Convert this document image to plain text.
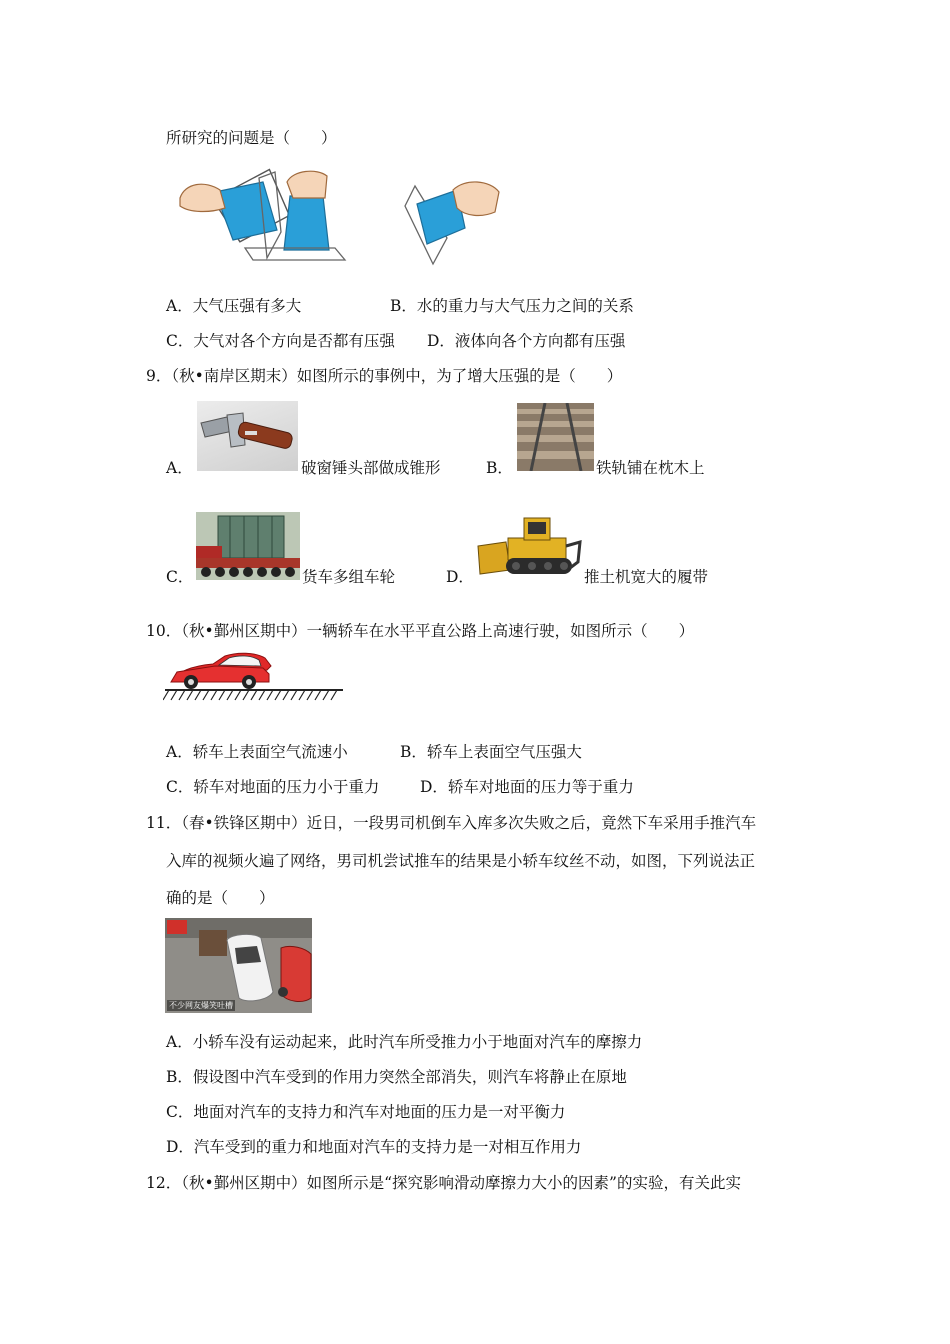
所研究的问题是（　　）
A．大气压强有多大	B．水的重力与大气压力之间的关系
C．大气对各个方向是否都有压强 D．液体向各个方向都有压强
9．（秋•南岸区期末）如图所示的事例中，为了增大压强的是（　　）
A．	破窗锤头部做成锥形	B．	铁轨铺在枕木上
C．	货车多组车轮	D．	推土机宽大的履带
10．（秋•鄞州区期中）一辆轿车在水平平直公路上高速行驶，如图所示（　　）
A．轿车上表面空气流速小	B．轿车上表面空气压强大
C．轿车对地面的压力小于重力	D．轿车对地面的压力等于重力
11．（春•铁锋区期中）近日，一段男司机倒车入库多次失败之后，竟然下车采用手推汽车
入库的视频火遍了网络，男司机尝试推车的结果是小轿车纹丝不动，如图，下列说法正
确的是（　　）
不少网友爆笑吐槽
A．小轿车没有运动起来，此时汽车所受推力小于地面对汽车的摩擦力
B．假设图中汽车受到的作用力突然全部消失，则汽车将静止在原地
C．地面对汽车的支持力和汽车对地面的压力是一对平衡力
D．汽车受到的重力和地面对汽车的支持力是一对相互作用力
12．（秋•鄞州区期中）如图所示是“探究影响滑动摩擦力大小的因素”的实验，有关此实
